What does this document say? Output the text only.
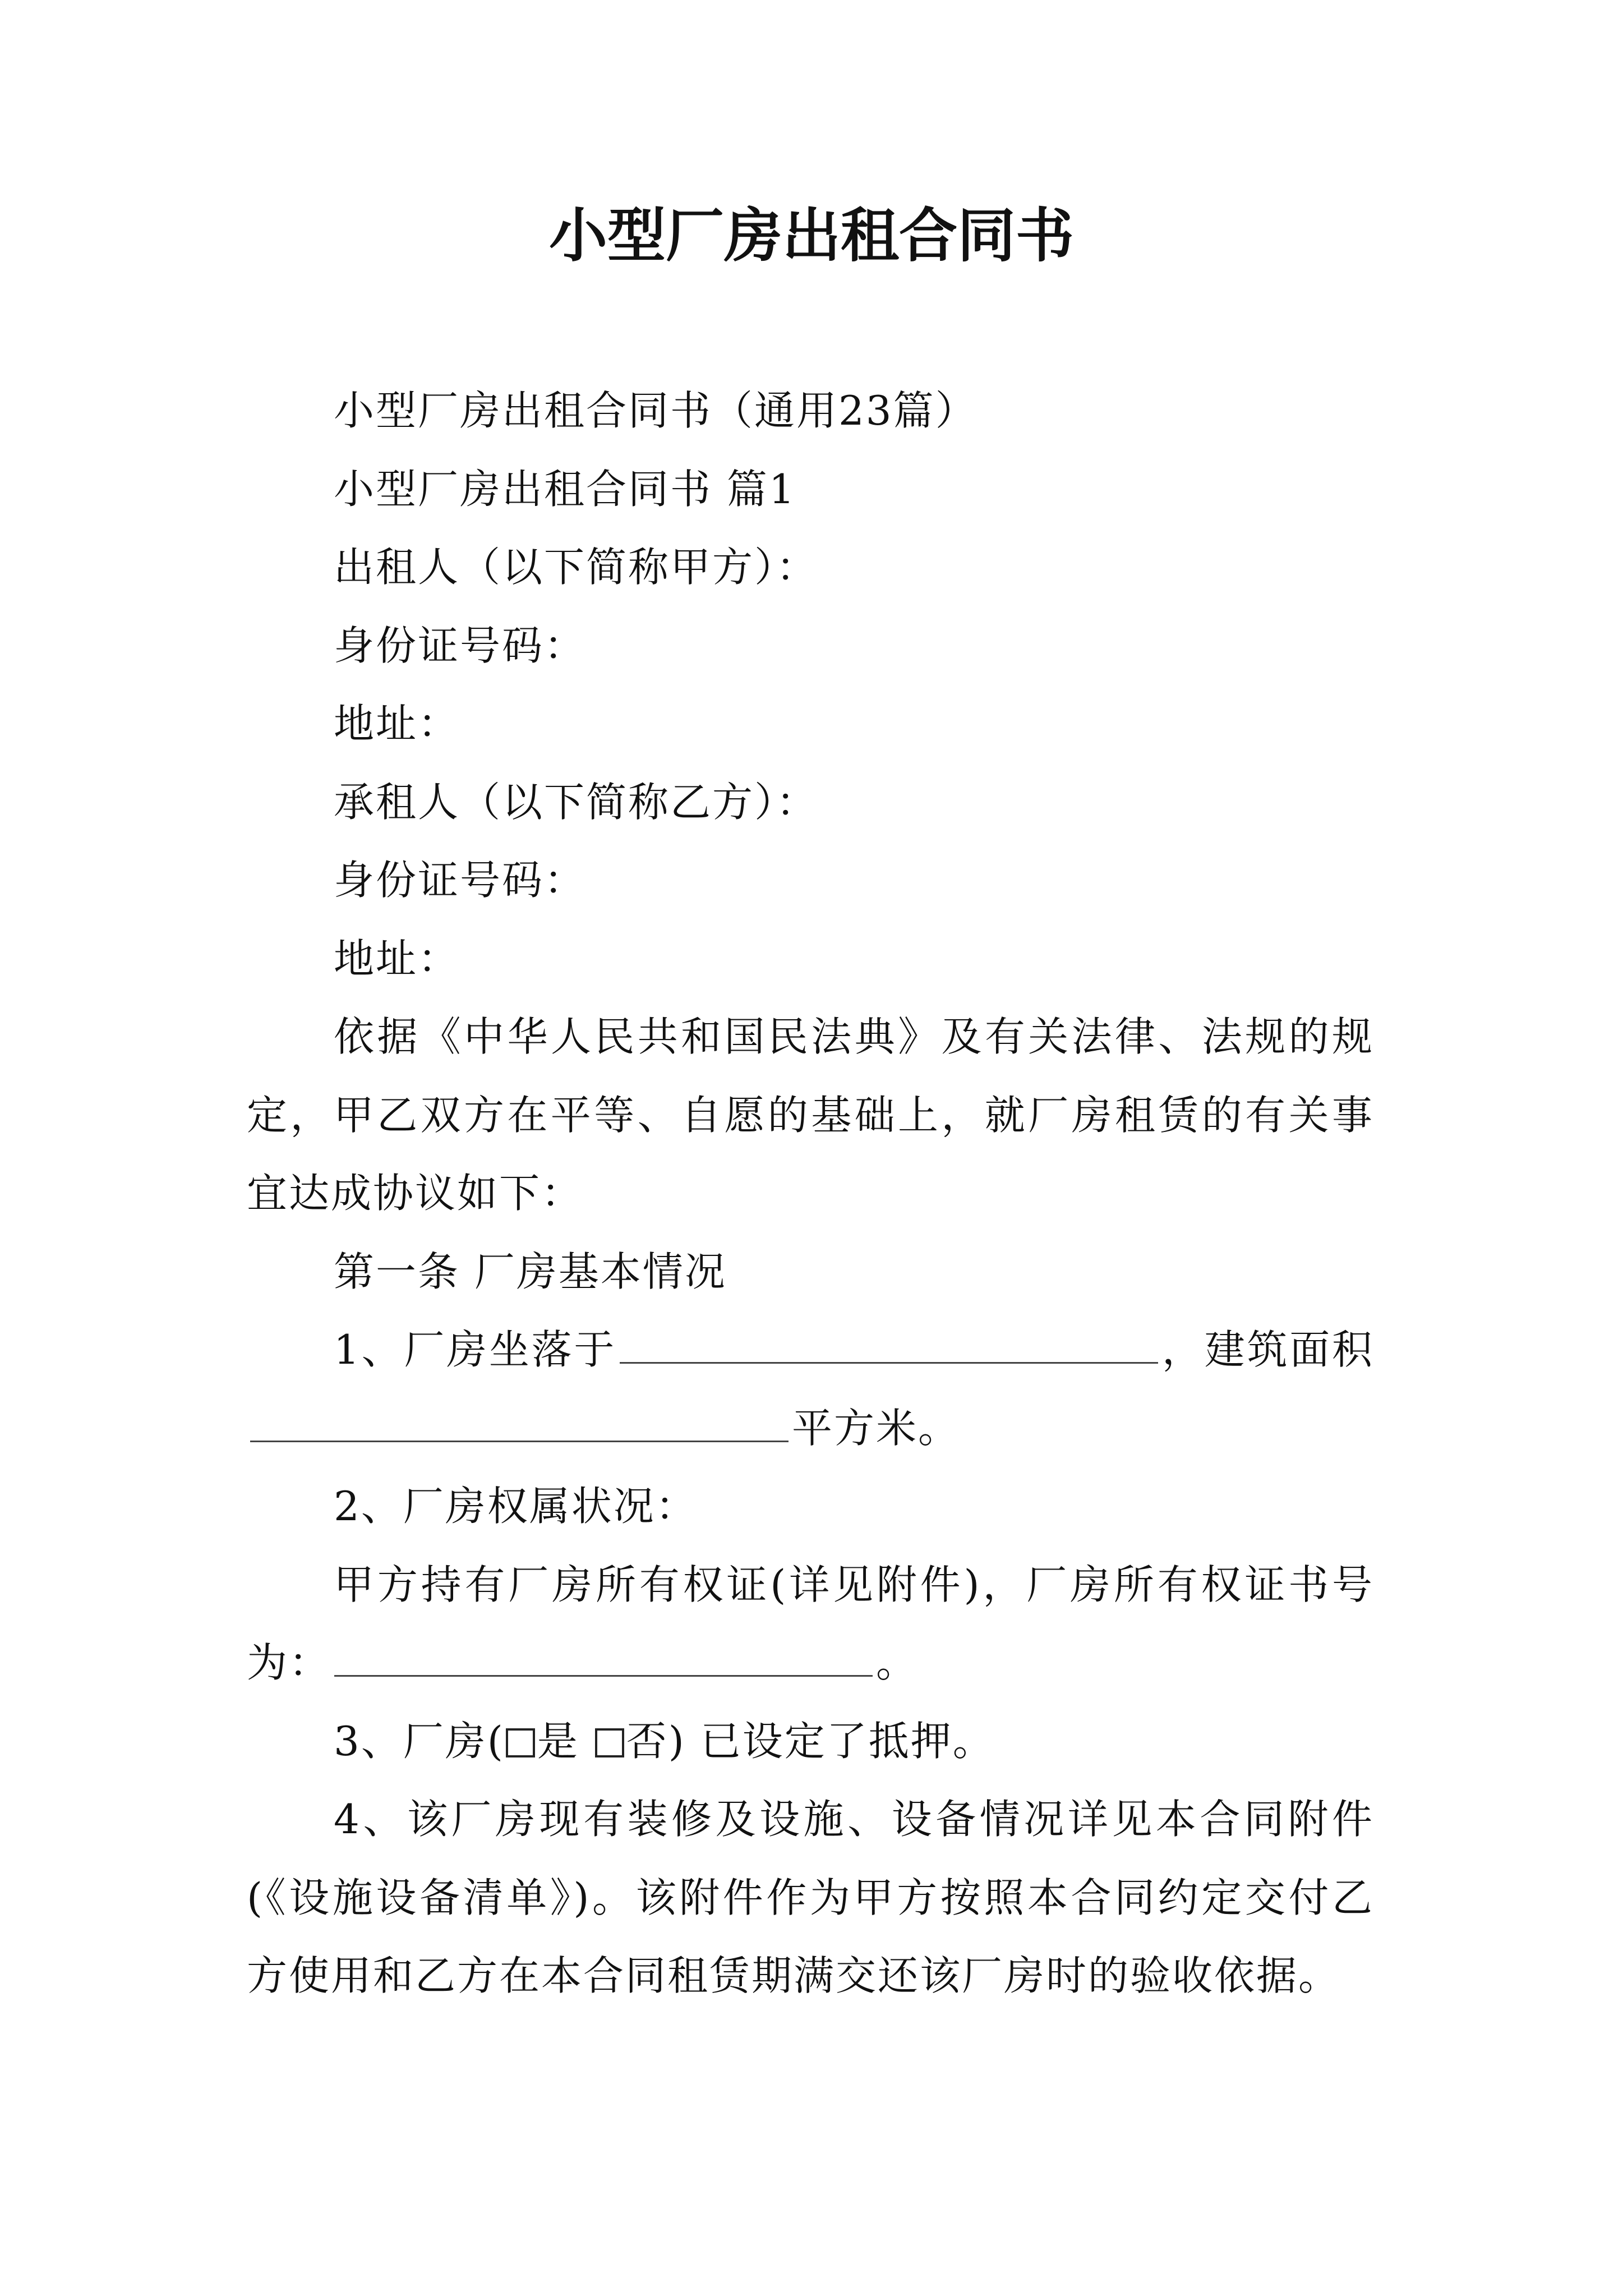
小型厂房出租合同书

小型厂房出租合同书（通用23篇）

小型厂房出租合同书 篇1

出租人（以下简称甲方）：

身份证号码：

地址：

承租人（以下简称乙方）：

身份证号码：

地址：

依据《中华人民共和国民法典》及有关法律、法规的规定，甲乙双方在平等、自愿的基础上，就厂房租赁的有关事宜达成协议如下：

第一条 厂房基本情况

1、厂房坐落于	，建筑面积平方米。

2、厂房权属状况：

甲方持有厂房所有权证(详见附件)，厂房所有权证书号为：	。

3、厂房( 是 否) 已设定了抵押。

4、该厂房现有装修及设施、设备情况详见本合同附件(《设施设备清单》)。该附件作为甲方按照本合同约定交付乙方使用和乙方在本合同租赁期满交还该厂房时的验收依据。
